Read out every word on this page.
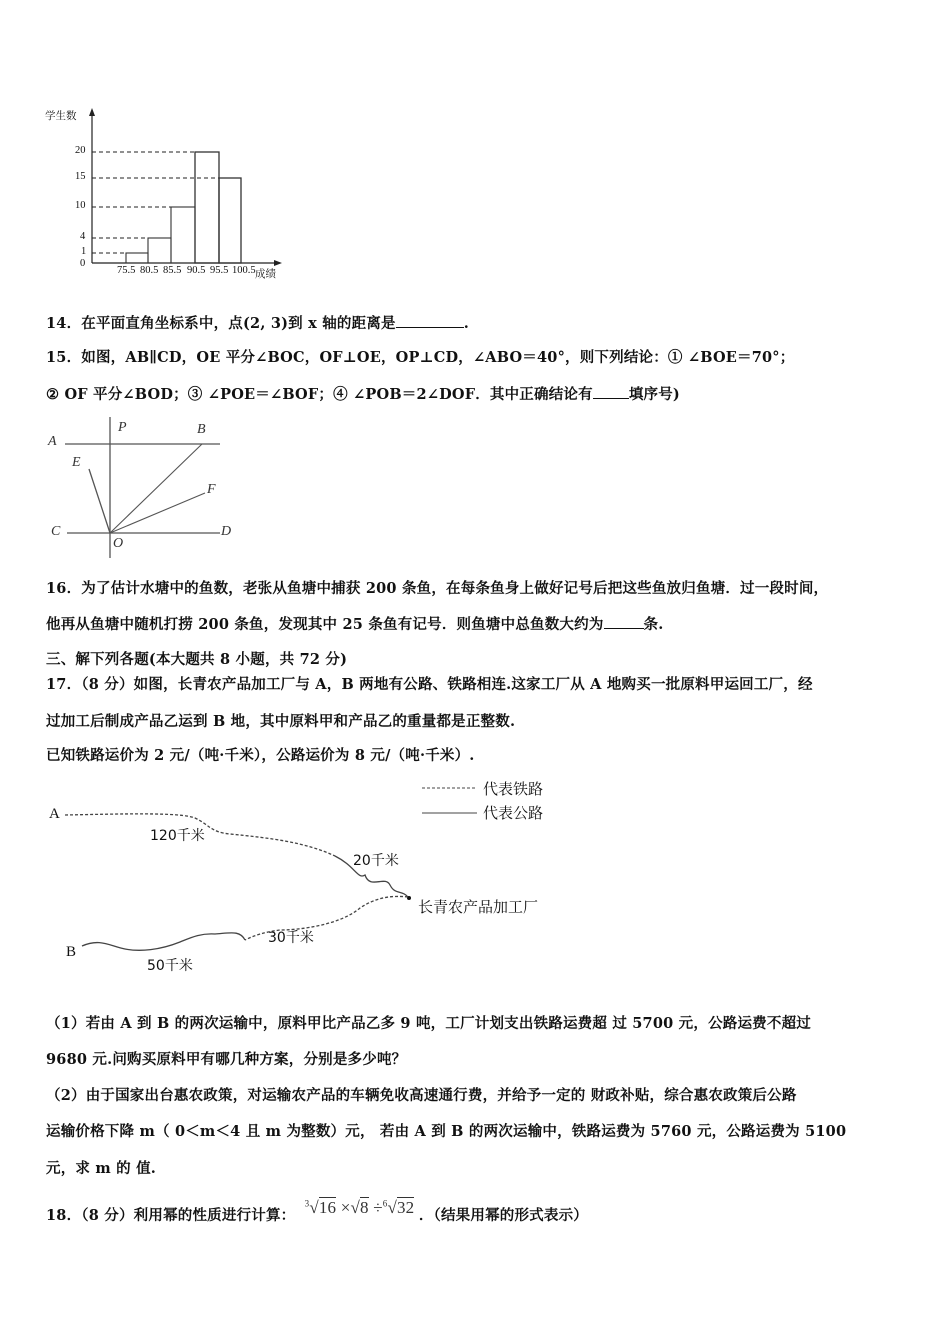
学生数
20
15
10
4
1
0
75.5 80.5 85.5 90.5 95.5 100.5 成绩
14．在平面直角坐标系中，点(2, 3)到 x 轴的距离是	.
15．如图，AB∥CD，OE 平分∠BOC，OF⊥OE，OP⊥CD，∠ABO＝40°，则下列结论：① ∠BOE＝70°；
② OF 平分∠BOD；③ ∠POE＝∠BOF；④ ∠POB＝2∠DOF．其中正确结论有 填序号)
A
P	B
E
F
C	D
O
16．为了估计水塘中的鱼数，老张从鱼塘中捕获 200 条鱼，在每条鱼身上做好记号后把这些鱼放归鱼塘．过一段时间，
他再从鱼塘中随机打捞 200 条鱼，发现其中 25 条鱼有记号．则鱼塘中总鱼数大约为	条.
三、解下列各题(本大题共 8 小题，共 72 分)
17．（8 分）如图，长青农产品加工厂与 A，B 两地有公路、铁路相连.这家工厂从 A 地购买一批原料甲运回工厂，经
过加工后制成产品乙运到 B 地，其中原料甲和产品乙的重量都是正整数.
已知铁路运价为 2 元/（吨·千米），公路运价为 8 元/（吨·千米）.
代表铁路
代表公路
A
B
120千米
20千米
长青农产品加工厂
30千米
50千米
（1）若由 A 到 B 的两次运输中，原料甲比产品乙多 9 吨，工厂计划支出铁路运费超 过 5700 元，公路运费不超过
9680 元.问购买原料甲有哪几种方案，分别是多少吨？
（2）由于国家出台惠农政策，对运输农产品的车辆免收高速通行费，并给予一定的 财政补贴，综合惠农政策后公路
运输价格下降 m（ 0＜m＜4 且 m 为整数）元， 若由 A 到 B 的两次运输中，铁路运费为 5760 元，公路运费为 5100
元，求 m 的 值.
18．（8 分）利用幂的性质进行计算： $^3$√16 ×√8 ÷$^6$√32 ．（结果用幂的形式表示）
